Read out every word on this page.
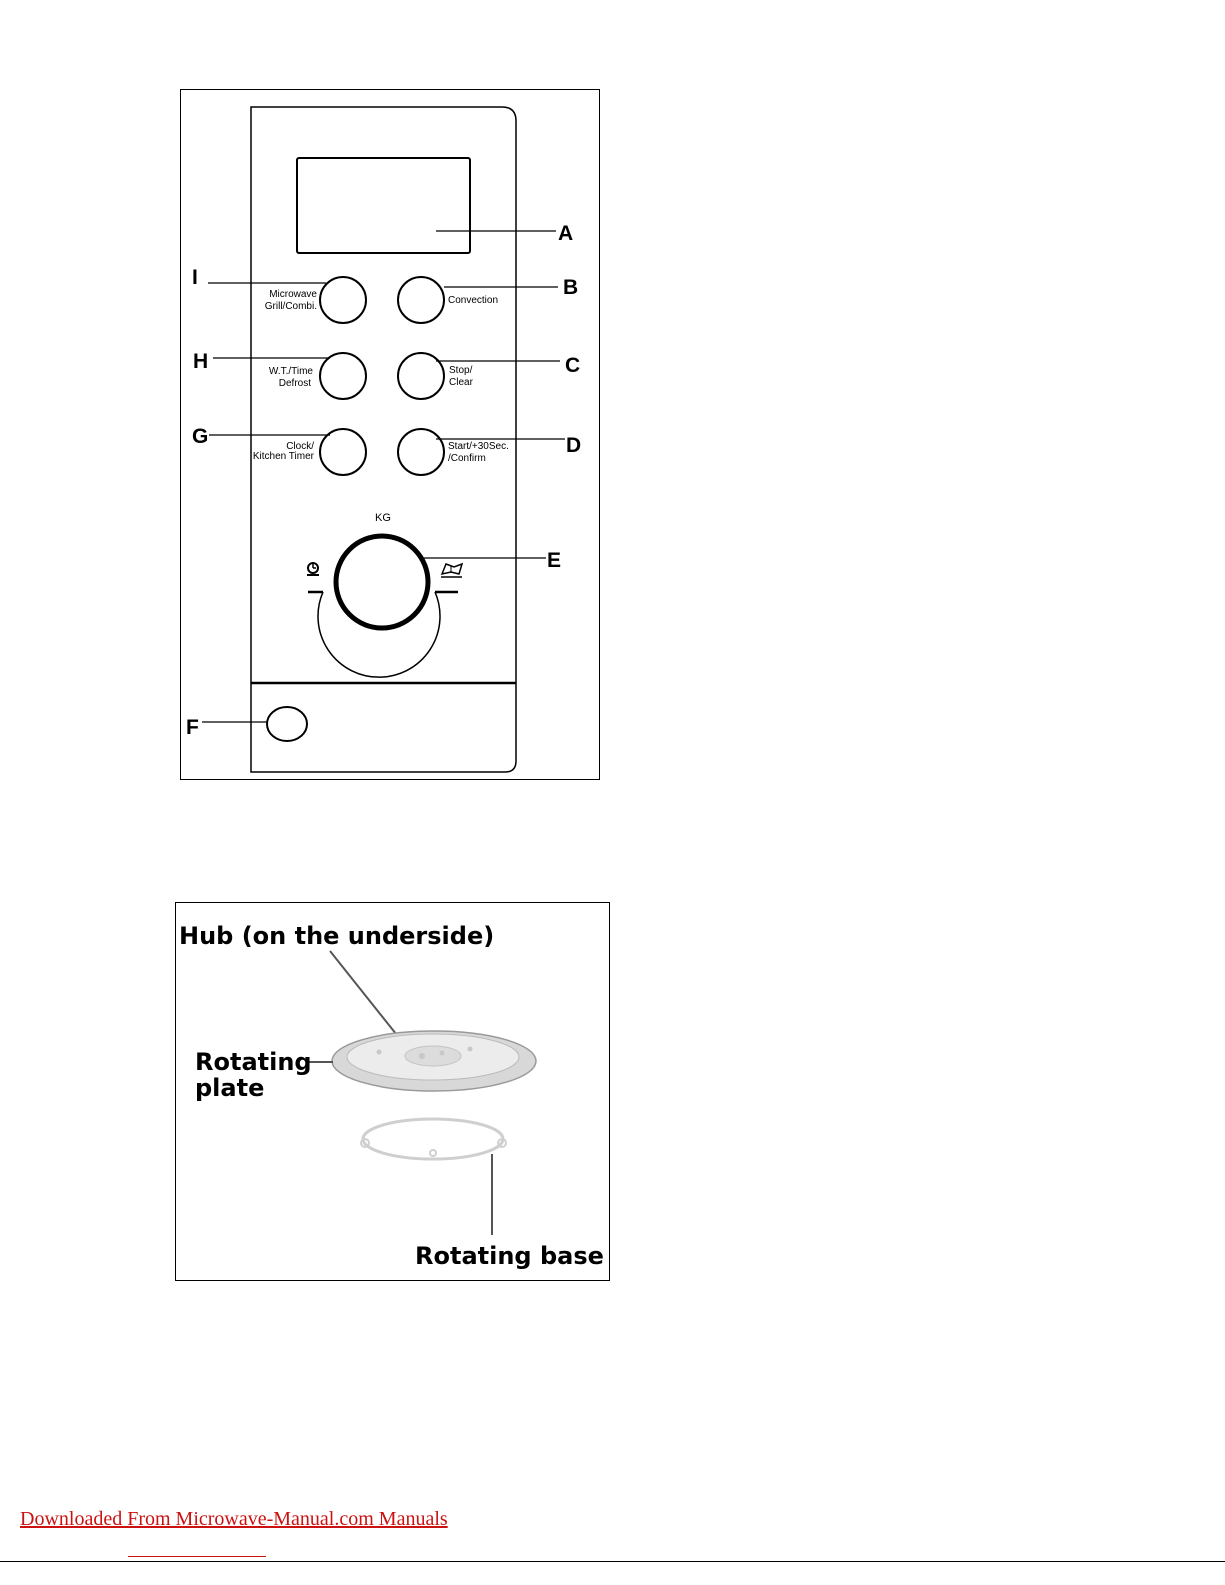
A
I
Microwave
Grill/Combi.
Convection
B
H	W.T./Time
Defrost
Stop/
Clear
C
G	Clock/
Kitchen Timer
Start/+30Sec.
/Confirm
D
KG
E
F
Hub (on the underside)
Rotating
plate
Rotating base
Downloaded From Microwave-Manual.com Manuals
